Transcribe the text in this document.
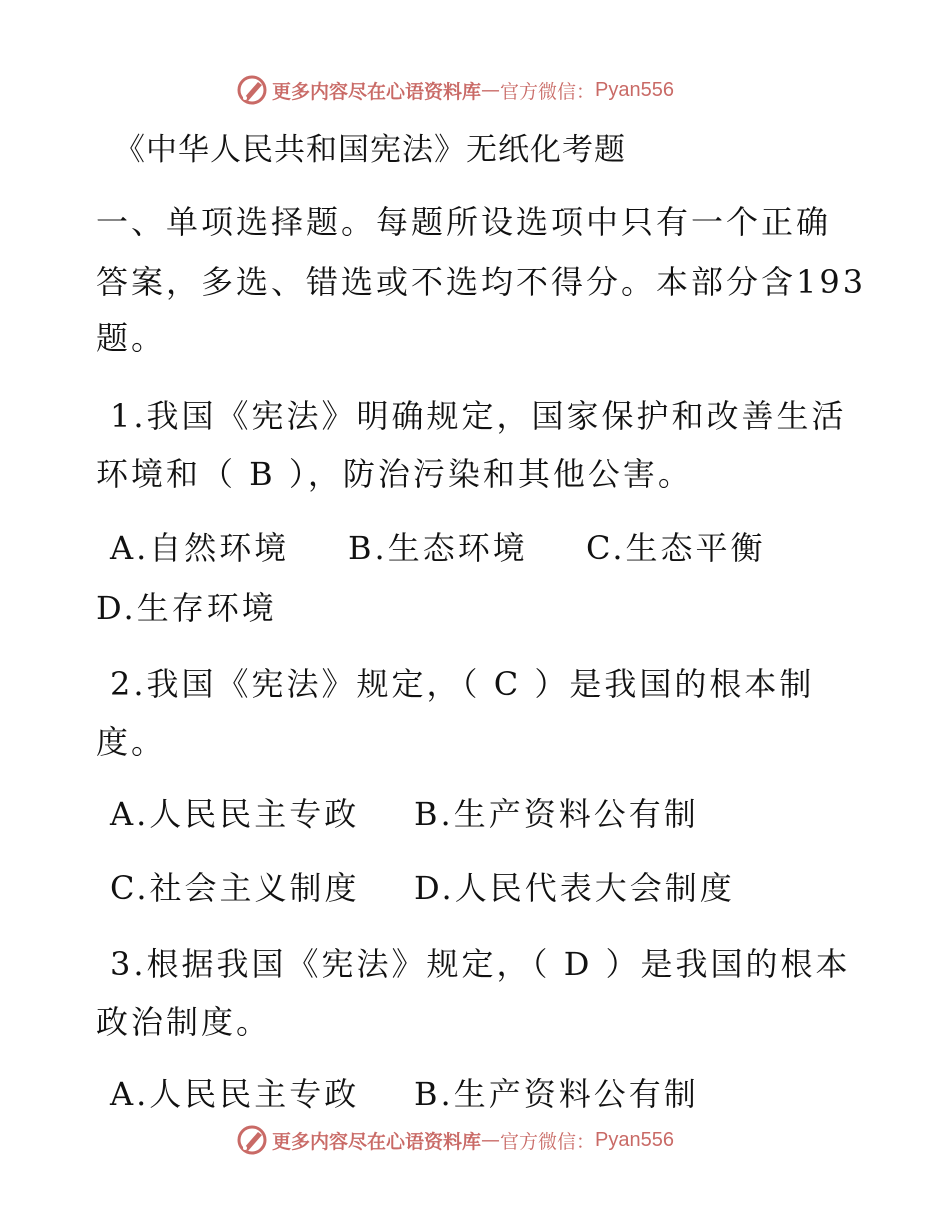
更多内容尽在心语资料库 — 官方微信： Pyan556
《中华人民共和国宪法》无纸化考题
一、单项选择题。每题所设选项中只有一个正确
答案，多选、错选或不选均不得分。本部分含193
题。
1.我国《宪法》明确规定，国家保护和改善生活
环境和（ B ），防治污染和其他公害。
A.自然环境 B.生态环境 C.生态平衡
D.生存环境
2.我国《宪法》规定，（ C ）是我国的根本制
度。
A.人民民主专政 B.生产资料公有制
C.社会主义制度 D.人民代表大会制度
3.根据我国《宪法》规定，（ D ）是我国的根本
政治制度。
A.人民民主专政 B.生产资料公有制
更多内容尽在心语资料库 — 官方微信： Pyan556
